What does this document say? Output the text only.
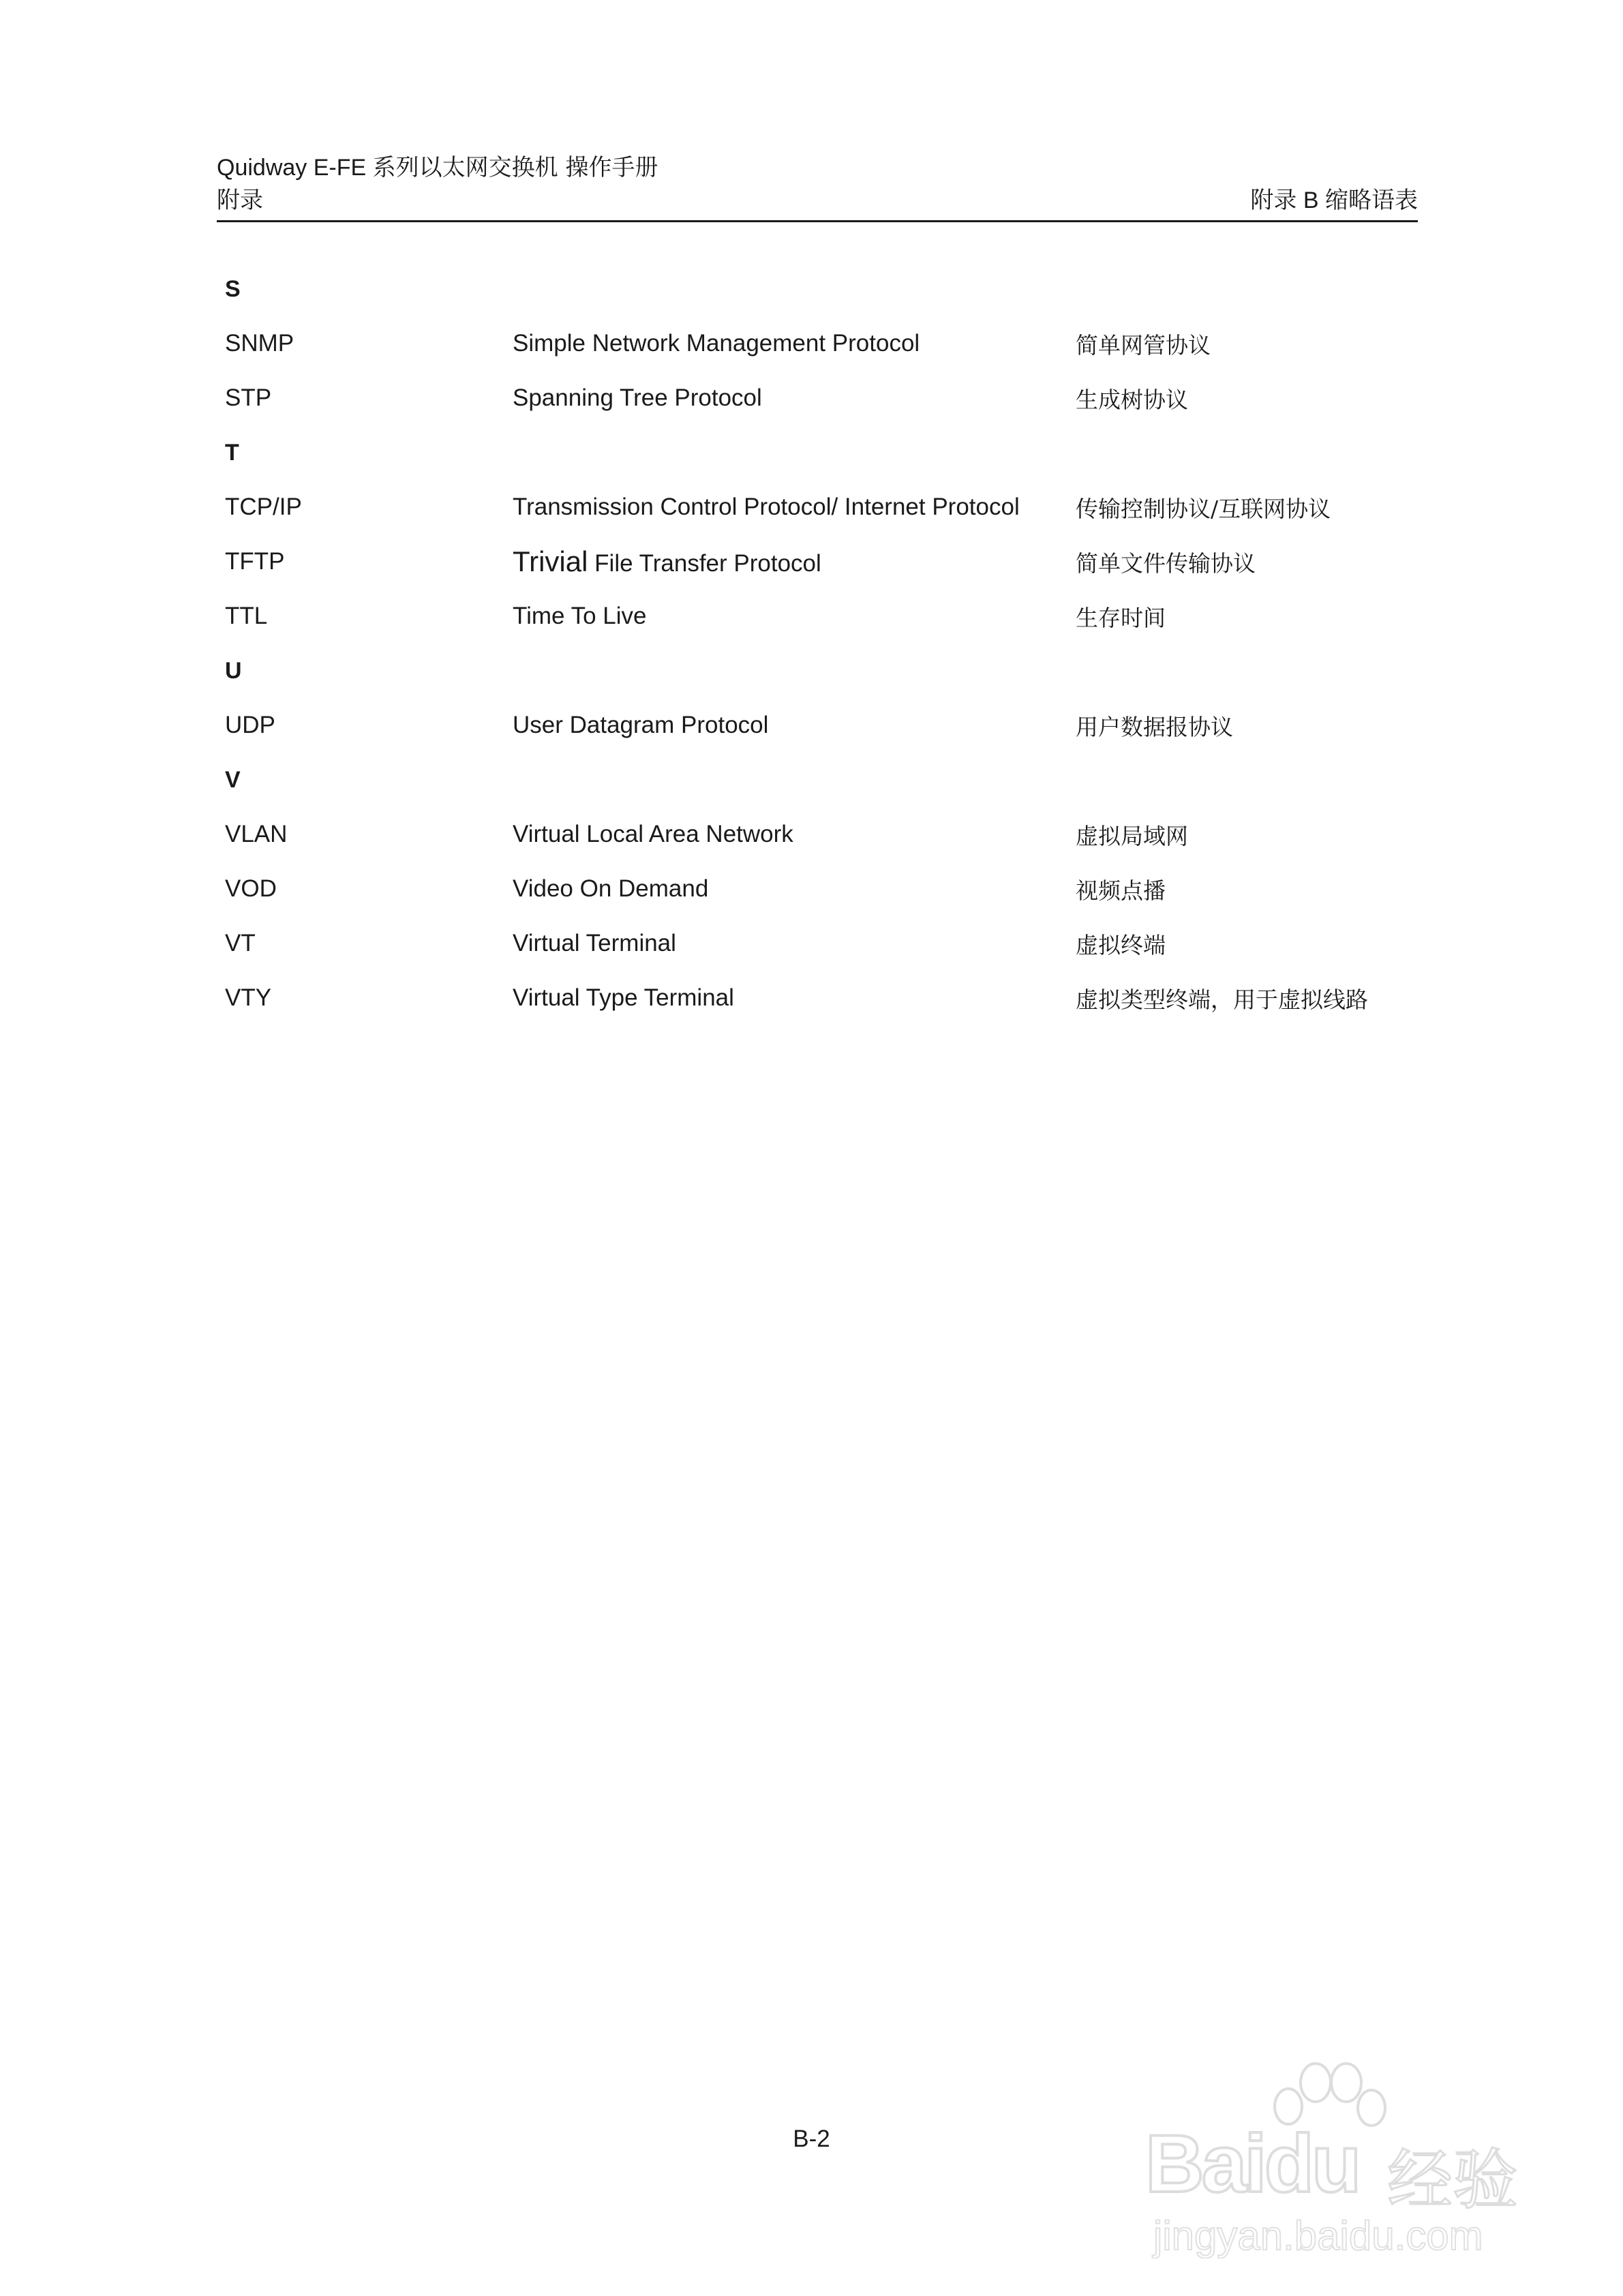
Quidway E-FE 系列以太网交换机 操作手册
附录	附录 B 缩略语表
S
SNMP	Simple Network Management Protocol	简单网管协议
STP	Spanning Tree Protocol	生成树协议
T
TCP/IP	Transmission Control Protocol/ Internet Protocol	传输控制协议/互联网协议
TFTP	Trivial File Transfer Protocol	简单文件传输协议
TTL	Time To Live	生存时间
U
UDP	User Datagram Protocol	用户数据报协议
V
VLAN	Virtual Local Area Network	虚拟局域网
VOD	Video On Demand	视频点播
VT	Virtual Terminal	虚拟终端
VTY	Virtual Type Terminal	虚拟类型终端，用于虚拟线路
B-2	Baidu 经验
jingyan.baidu.com
